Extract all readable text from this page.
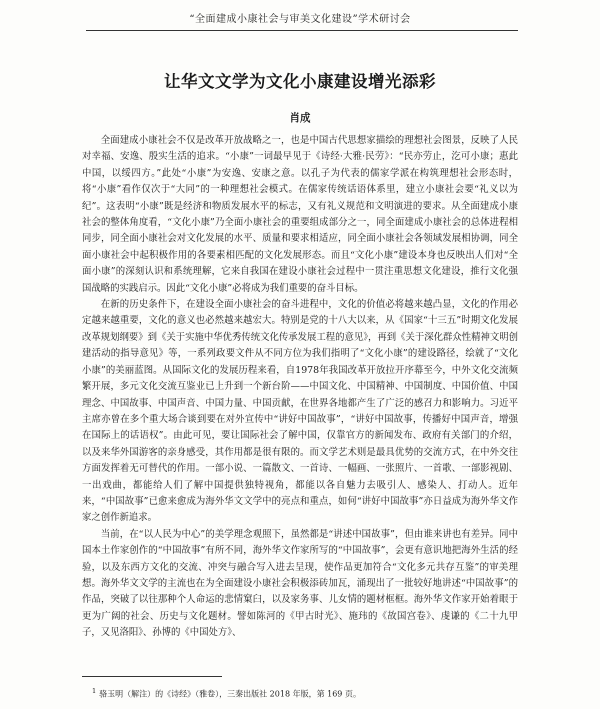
“全面建成小康社会与审美文化建设”学术研讨会
让华文文学为文化小康建设增光添彩
肖成

全面建成小康社会不仅是改革开放战略之一，也是中国古代思想家描绘的理想社会图景，反映了人民对幸福、安逸、殷实生活的追求。“小康”一词最早见于《诗经·大雅·民劳》：“民亦劳止，汔可小康；惠此中国，以绥四方。”此处“小康”为安逸、安康之意。以孔子为代表的儒家学派在构筑理想社会形态时，将“小康”看作仅次于“大同”的一种理想社会模式。在儒家传统话语体系里，建立小康社会要“礼义以为纪”。这表明“小康”既是经济和物质发展水平的标志，又有礼义规范和文明演进的要求。从全面建成小康社会的整体角度看，“文化小康”乃全面小康社会的重要组成部分之一，同全面建成小康社会的总体进程相同步，同全面小康社会对文化发展的水平、质量和要求相适应，同全面小康社会各领域发展相协调，同全面小康社会中起积极作用的各要素相匹配的文化发展形态。而且“文化小康”建设本身也反映出人们对“全面小康”的深刻认识和系统理解，它来自我国在建设小康社会过程中一贯注重思想文化建设，推行文化强国战略的实践启示。因此“文化小康”必将成为我们重要的奋斗目标。

在新的历史条件下，在建设全面小康社会的奋斗进程中，文化的价值必将越来越凸显，文化的作用必定越来越重要，文化的意义也必然越来越宏大。特别是党的十八大以来，从《国家“十三五”时期文化发展改革规划纲要》到《关于实施中华优秀传统文化传承发展工程的意见》，再到《关于深化群众性精神文明创建活动的指导意见》等，一系列政要文件从不同方位为我们指明了“文化小康”的建设路径，绘就了“文化小康”的美丽蓝图。从国际文化的发展历程来看，自1978年我国改革开放拉开序幕至今，中外文化交流频繁开展，多元文化交流互鉴业已上升到一个新台阶——中国文化、中国精神、中国制度、中国价值、中国理念、中国故事、中国声音、中国力量、中国贡献，在世界各地都产生了广泛的感召力和影响力。习近平主席亦曾在多个重大场合谈到要在对外宣传中“讲好中国故事”，“讲好中国故事，传播好中国声音，增强在国际上的话语权”。由此可见，要让国际社会了解中国，仅靠官方的新闻发布、政府有关部门的介绍，以及来华外国游客的亲身感受，其作用都是很有限的。而文学艺术则是最具优势的交流方式，在中外交往方面发挥着无可替代的作用。一部小说、一篇散文、一首诗、一幅画、一张照片、一首歌、一部影视剧、一出戏曲，都能给人们了解中国提供独特视角，都能以各自魅力去吸引人、感染人、打动人。近年来，“中国故事”已愈来愈成为海外华文文学中的亮点和重点，如何“讲好中国故事”亦日益成为海外华文作家之创作新追求。

当前，在“以人民为中心”的美学理念观照下，虽然都是“讲述中国故事”，但由谁来讲也有差异。同中国本土作家创作的“中国故事”有所不同，海外华文作家所写的“中国故事”，会更有意识地把海外生活的经验，以及东西方文化的交流、冲突与融合写入进去呈现，使作品更加符合“文化多元共存互鉴”的审美理想。海外华文文学的主流也在为全面建设小康社会积极添砖加瓦，涌现出了一批较好地讲述“中国故事”的作品，突破了以往那种个人命运的悲情窠臼，以及家务事、儿女情的题材框框。海外华文作家开始着眼于更为广阔的社会、历史与文化题材。譬如陈河的《甲古时光》、施玮的《故国宫卷》、虔谦的《二十九甲子，又见洛阳》、孙博的《中国处方》、

$^1$ 骆玉明（解注）的《诗经》（雅卷），三秦出版社 2018 年版，第 169 页。
